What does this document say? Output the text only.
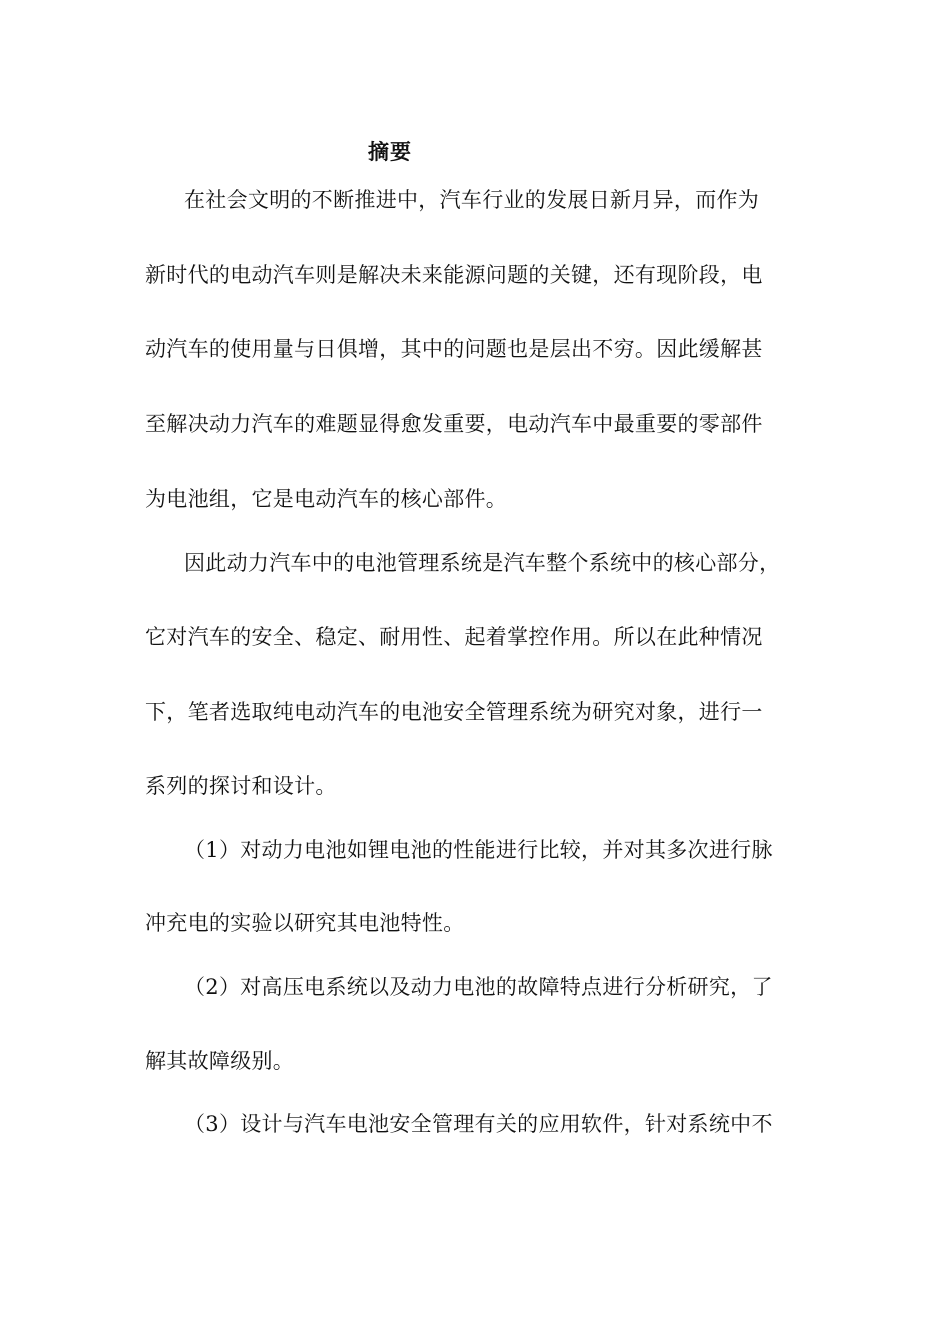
摘要
在社会文明的不断推进中，汽车行业的发展日新月异，而作为
新时代的电动汽车则是解决未来能源问题的关键，还有现阶段，电
动汽车的使用量与日俱增，其中的问题也是层出不穷。因此缓解甚
至解决动力汽车的难题显得愈发重要，电动汽车中最重要的零部件
为电池组，它是电动汽车的核心部件。
因此动力汽车中的电池管理系统是汽车整个系统中的核心部分，
它对汽车的安全、稳定、耐用性、起着掌控作用。所以在此种情况
下，笔者选取纯电动汽车的电池安全管理系统为研究对象，进行一
系列的探讨和设计。
（1）对动力电池如锂电池的性能进行比较，并对其多次进行脉
冲充电的实验以研究其电池特性。
（2）对高压电系统以及动力电池的故障特点进行分析研究，了
解其故障级别。
（3）设计与汽车电池安全管理有关的应用软件，针对系统中不
